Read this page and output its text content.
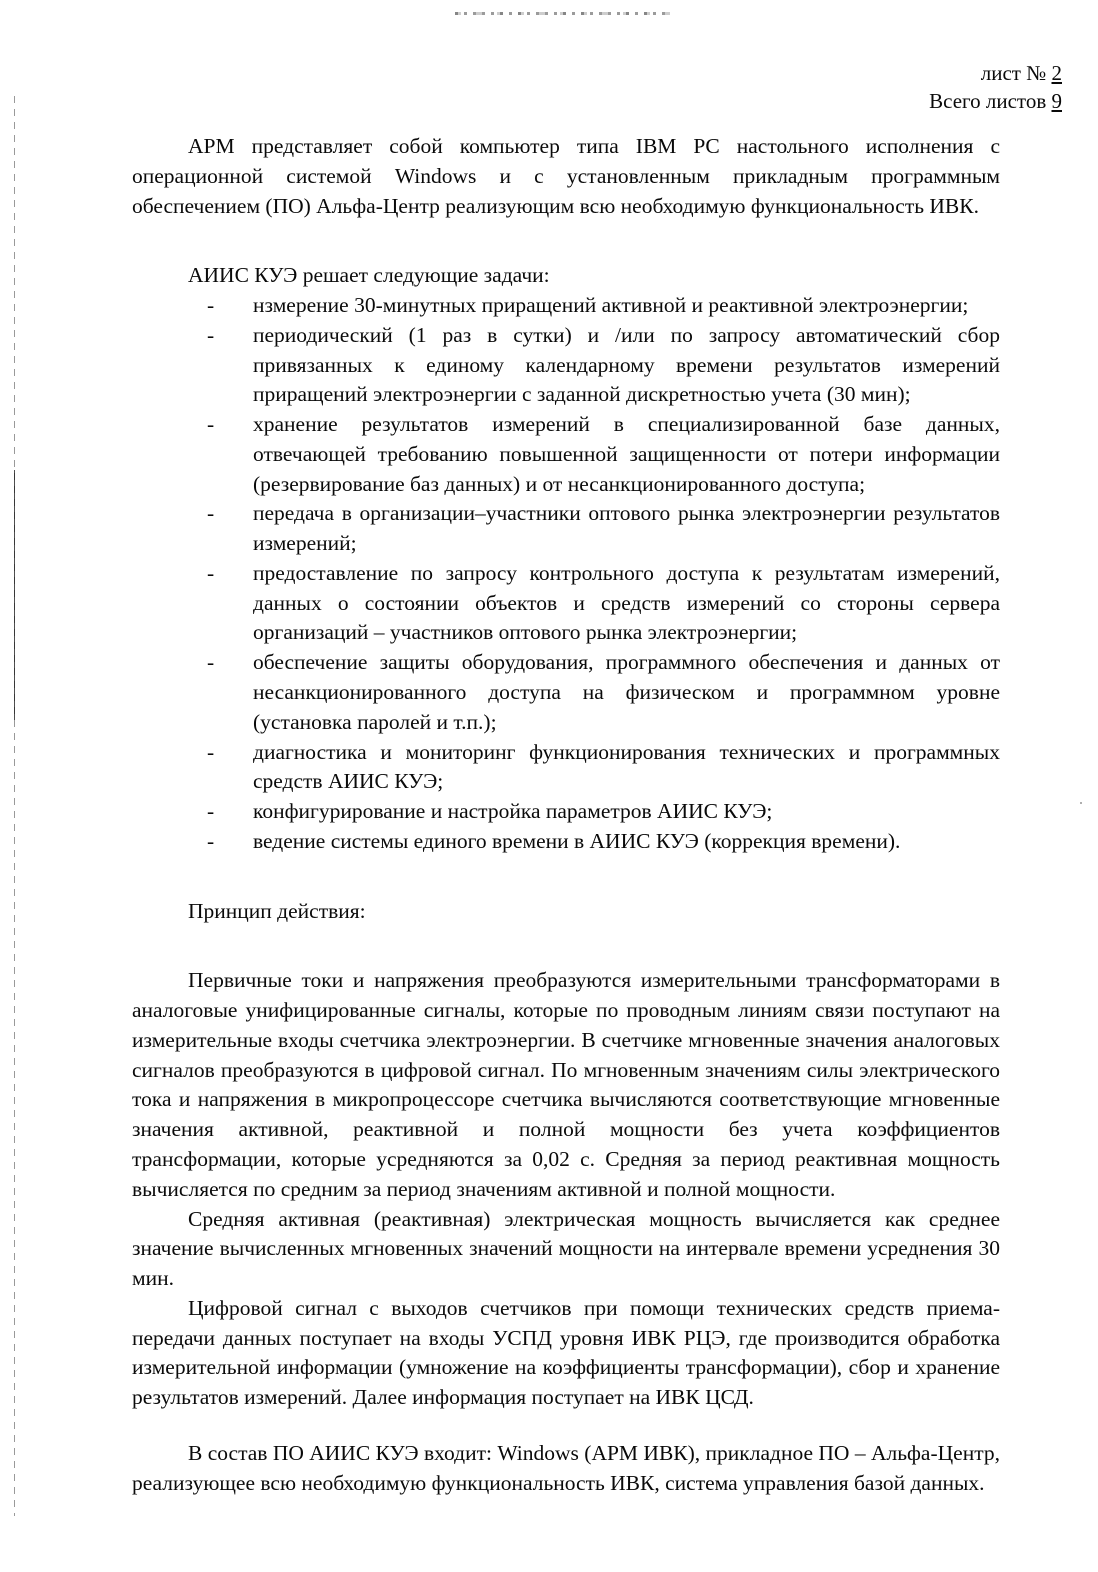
лист № 2
Всего листов 9

АРМ представляет собой компьютер типа IBM PC настольного исполнения с операционной системой Windows и с установленным прикладным программным обеспечением (ПО) Альфа-Центр реализующим всю необходимую функциональность ИВК.

АИИС КУЭ решает следующие задачи:

- нзмерение 30-минутных приращений активной и реактивной электроэнергии;
- периодический (1 раз в сутки) и /или по запросу автоматический сбор привязанных к единому календарному времени результатов измерений приращений электроэнергии с заданной дискретностью учета (30 мин);
- хранение результатов измерений в специализированной базе данных, отвечающей требованию повышенной защищенности от потери информации (резервирование баз данных) и от несанкционированного доступа;
- передача в организации–участники оптового рынка электроэнергии результатов измерений;
- предоставление по запросу контрольного доступа к результатам измерений, данных о состоянии объектов и средств измерений со стороны сервера организаций – участников оптового рынка электроэнергии;
- обеспечение защиты оборудования, программного обеспечения и данных от несанкционированного доступа на физическом и программном уровне (установка паролей и т.п.);
- диагностика и мониторинг функционирования технических и программных средств АИИС КУЭ;
- конфигурирование и настройка параметров АИИС КУЭ;
- ведение системы единого времени в АИИС КУЭ (коррекция времени).

Принцип действия:

Первичные токи и напряжения преобразуются измерительными трансформаторами в аналоговые унифицированные сигналы, которые по проводным линиям связи поступают на измерительные входы счетчика электроэнергии. В счетчике мгновенные значения аналоговых сигналов преобразуются в цифровой сигнал. По мгновенным значениям силы электрического тока и напряжения в микропроцессоре счетчика вычисляются соответствующие мгновенные значения активной, реактивной и полной мощности без учета коэффициентов трансформации, которые усредняются за 0,02 с. Средняя за период реактивная мощность вычисляется по средним за период значениям активной и полной мощности.

Средняя активная (реактивная) электрическая мощность вычисляется как среднее значение вычисленных мгновенных значений мощности на интервале времени усреднения 30 мин.

Цифровой сигнал с выходов счетчиков при помощи технических средств приема-передачи данных поступает на входы УСПД уровня ИВК РЦЭ, где производится обработка измерительной информации (умножение на коэффициенты трансформации), сбор и хранение результатов измерений. Далее информация поступает на ИВК ЦСД.

В состав ПО АИИС КУЭ входит: Windows (АРМ ИВК), прикладное ПО – Альфа-Центр, реализующее всю необходимую функциональность ИВК, система управления базой данных.
